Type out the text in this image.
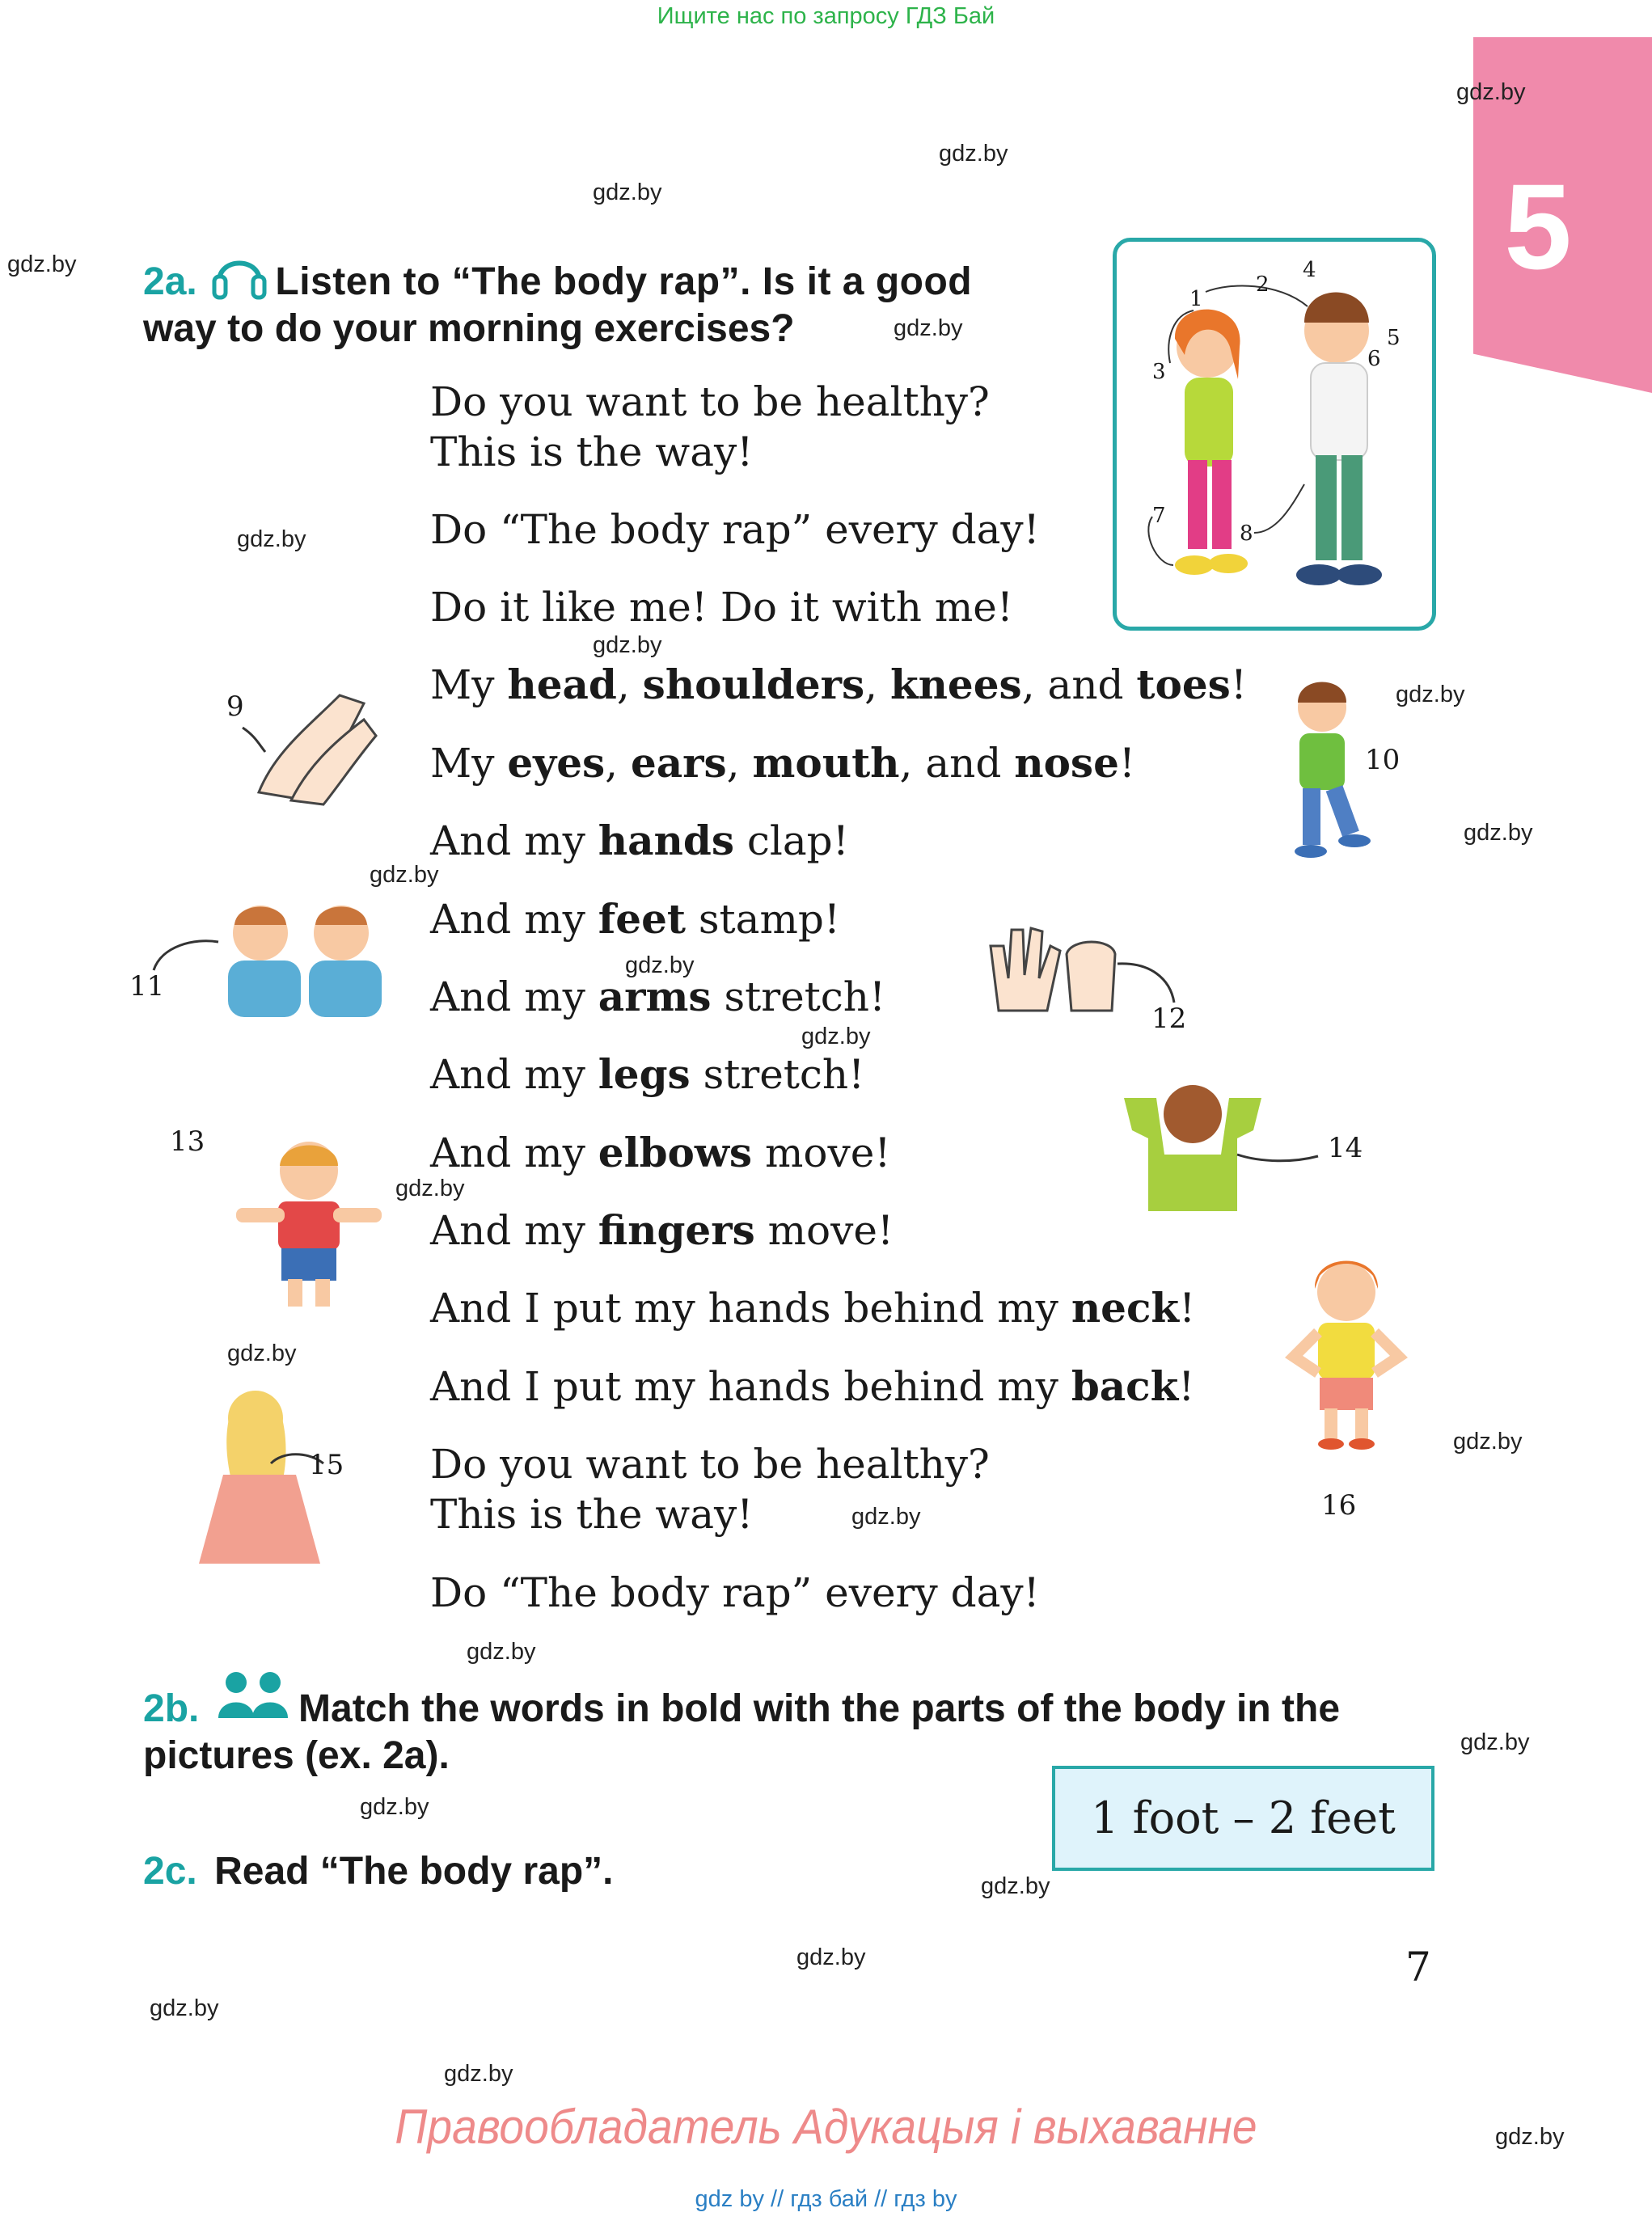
Ищите нас по запросу ГДЗ Бай
5
gdz.by
gdz.by
gdz.by
gdz.by
gdz.by
gdz.by
gdz.by
gdz.by
gdz.by
gdz.by
gdz.by
gdz.by
gdz.by
gdz.by
gdz.by
gdz.by
gdz.by
gdz.by
gdz.by
gdz.by
gdz.by
gdz.by
gdz.by
gdz.by
2a. Listen to “The body rap”. Is it a good
way to do your morning exercises?
Do you want to be healthy?
This is the way!
Do “The body rap” every day!
Do it like me! Do it with me!
My head, shoulders, knees, and toes!
My eyes, ears, mouth, and nose!
And my hands clap!
And my feet stamp!
And my arms stretch!
And my legs stretch!
And my elbows move!
And my fingers move!
And I put my hands behind my neck!
And I put my hands behind my back!
Do you want to be healthy?
This is the way!
Do “The body rap” every day!
1
2
3
4
5
6
7
8
9
10
11
12
13	14
15
16
2b.	Match the words in bold with the parts of the body in the
pictures (ex. 2a).
1 foot – 2 feet
2c. Read “The body rap”.
7
Правообладатель Адукацыя і выхаванне
gdz by // гдз бай // гдз by
